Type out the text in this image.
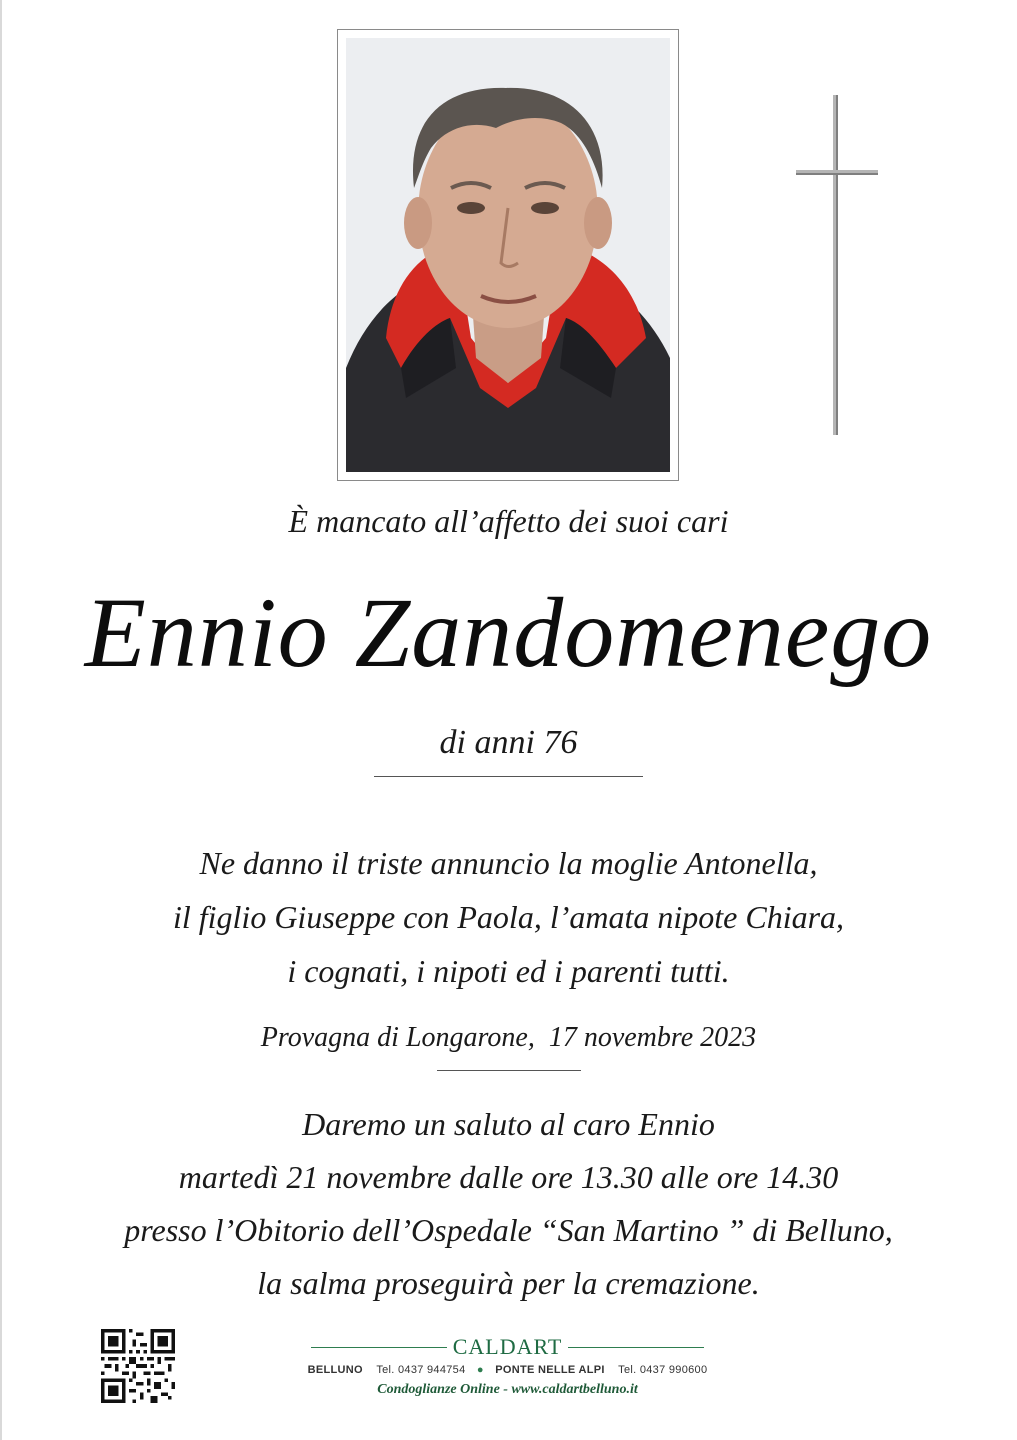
È mancato all’affetto dei suoi cari
Ennio Zandomenego
di anni 76
Ne danno il triste annuncio la moglie Antonella,
il figlio Giuseppe con Paola, l’amata nipote Chiara,
i cognati, i nipoti ed i parenti tutti.
Provagna di Longarone,  17 novembre 2023
Daremo un saluto al caro Ennio
martedì 21 novembre dalle ore 13.30 alle ore 14.30
presso l’Obitorio dell’Ospedale “San Martino ” di Belluno,
la salma proseguirà per la cremazione.
CALDART
BELLUNO Tel. 0437 944754 ● PONTE NELLE ALPI Tel. 0437 990600
Condoglianze Online - www.caldartbelluno.it
